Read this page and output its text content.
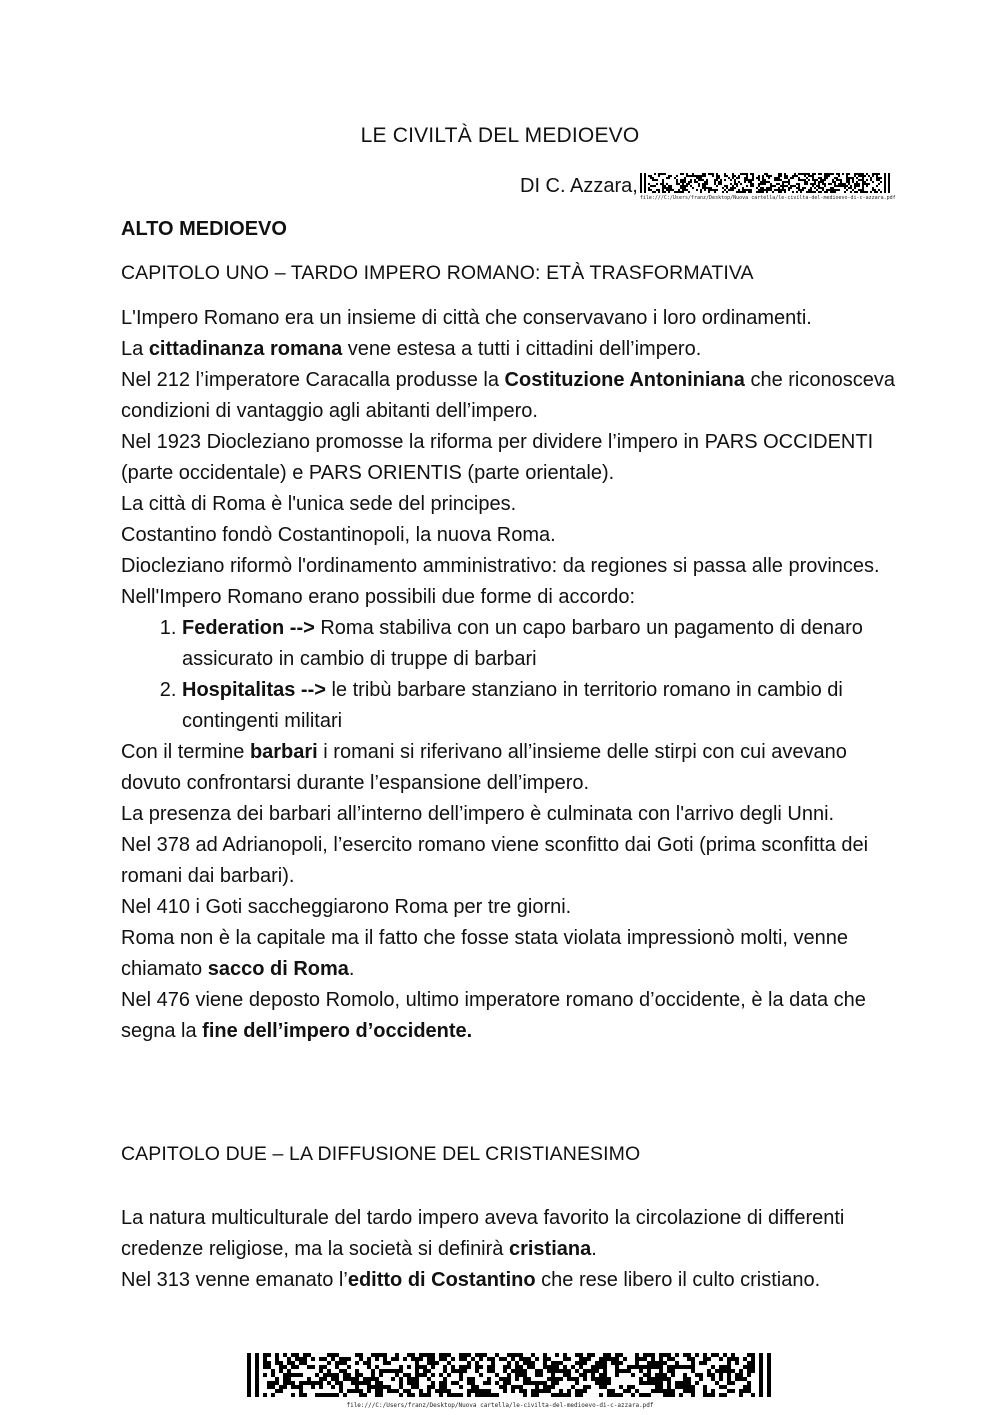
LE CIVILTÀ DEL MEDIOEVO
DI C. Azzara,
file:///C:/Users/franz/Desktop/Nuova cartella/le-civilta-del-medioevo-di-c-azzara.pdf
ALTO MEDIOEVO
CAPITOLO UNO – TARDO IMPERO ROMANO: ETÀ TRASFORMATIVA

L'Impero Romano era un insieme di città che conservavano i loro ordinamenti.

La cittadinanza romana vene estesa a tutti i cittadini dell’impero.

Nel 212 l’imperatore Caracalla produsse la Costituzione Antoniniana che riconosceva condizioni di vantaggio agli abitanti dell’impero.

Nel 1923 Diocleziano promosse la riforma per dividere l’impero in PARS OCCIDENTI (parte occidentale) e PARS ORIENTIS (parte orientale).

La città di Roma è l'unica sede del principes.

Costantino fondò Costantinopoli, la nuova Roma.

Diocleziano riformò l'ordinamento amministrativo: da regiones si passa alle provinces.

Nell'Impero Romano erano possibili due forme di accordo:

1. Federation --> Roma stabiliva con un capo barbaro un pagamento di denaro assicurato in cambio di truppe di barbari
2. Hospitalitas --> le tribù barbare stanziano in territorio romano in cambio di contingenti militari

Con il termine barbari i romani si riferivano all’insieme delle stirpi con cui avevano dovuto confrontarsi durante l’espansione dell’impero.

La presenza dei barbari all’interno dell’impero è culminata con l'arrivo degli Unni.

Nel 378 ad Adrianopoli, l’esercito romano viene sconfitto dai Goti (prima sconfitta dei romani dai barbari).

Nel 410 i Goti saccheggiarono Roma per tre giorni.

Roma non è la capitale ma il fatto che fosse stata violata impressionò molti, venne chiamato sacco di Roma.

Nel 476 viene deposto Romolo, ultimo imperatore romano d’occidente, è la data che segna la fine dell’impero d’occidente.

CAPITOLO DUE – LA DIFFUSIONE DEL CRISTIANESIMO

La natura multiculturale del tardo impero aveva favorito la circolazione di differenti credenze religiose, ma la società si definirà cristiana.

Nel 313 venne emanato l’editto di Costantino che rese libero il culto cristiano.

file:///C:/Users/franz/Desktop/Nuova cartella/le-civilta-del-medioevo-di-c-azzara.pdf
